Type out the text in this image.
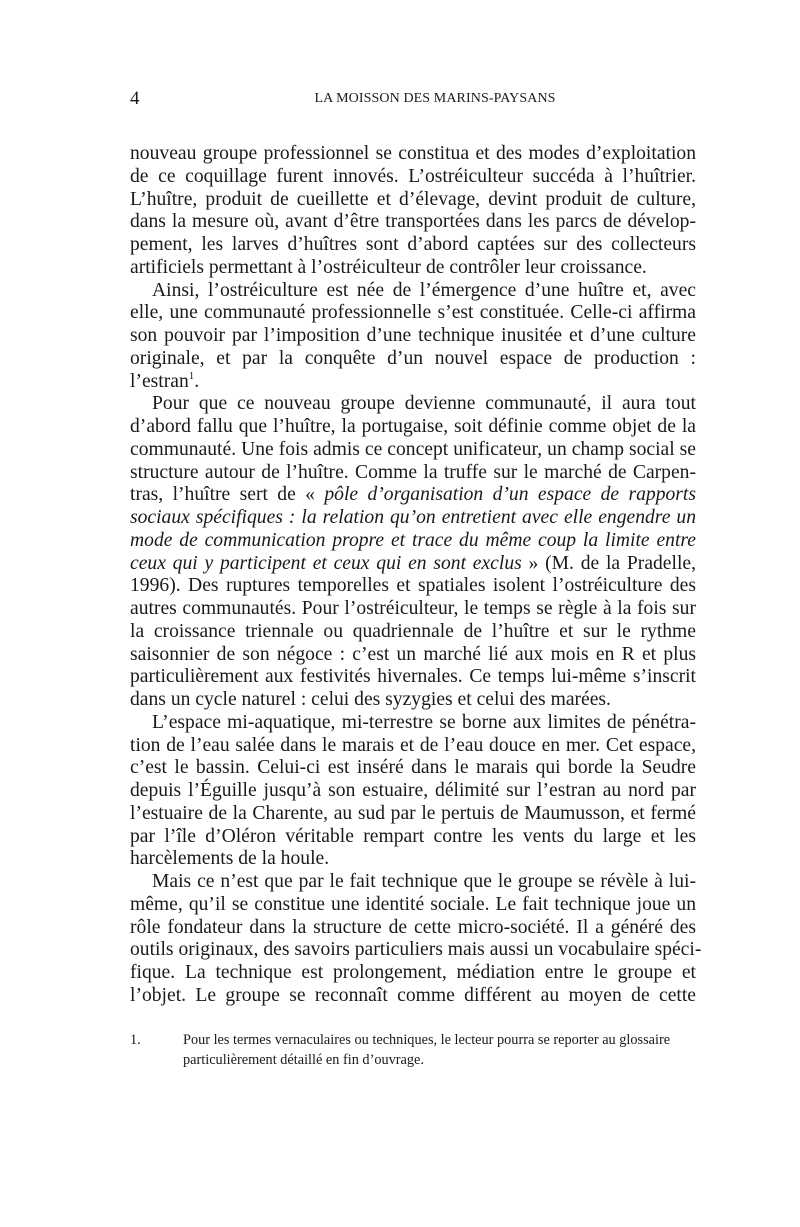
4	LA MOISSON DES MARINS-PAYSANS
nouveau groupe professionnel se constitua et des modes d’exploitation
de ce coquillage furent innovés. L’ostréiculteur succéda à l’huîtrier.
L’huître, produit de cueillette et d’élevage, devint produit de culture,
dans la mesure où, avant d’être transportées dans les parcs de dévelop-
pement, les larves d’huîtres sont d’abord captées sur des collecteurs
artificiels permettant à l’ostréiculteur de contrôler leur croissance.
Ainsi, l’ostréiculture est née de l’émergence d’une huître et, avec
elle, une communauté professionnelle s’est constituée. Celle-ci affirma
son pouvoir par l’imposition d’une technique inusitée et d’une culture
originale, et par la conquête d’un nouvel espace de production :
l’estran$^1$.
Pour que ce nouveau groupe devienne communauté, il aura tout
d’abord fallu que l’huître, la portugaise, soit définie comme objet de la
communauté. Une fois admis ce concept unificateur, un champ social se
structure autour de l’huître. Comme la truffe sur le marché de Carpen-
tras, l’huître sert de « pôle d’organisation d’un espace de rapports
sociaux spécifiques : la relation qu’on entretient avec elle engendre un
mode de communication propre et trace du même coup la limite entre
ceux qui y participent et ceux qui en sont exclus » (M. de la Pradelle,
1996). Des ruptures temporelles et spatiales isolent l’ostréiculture des
autres communautés. Pour l’ostréiculteur, le temps se règle à la fois sur
la croissance triennale ou quadriennale de l’huître et sur le rythme
saisonnier de son négoce : c’est un marché lié aux mois en R et plus
particulièrement aux festivités hivernales. Ce temps lui-même s’inscrit
dans un cycle naturel : celui des syzygies et celui des marées.
L’espace mi-aquatique, mi-terrestre se borne aux limites de pénétra-
tion de l’eau salée dans le marais et de l’eau douce en mer. Cet espace,
c’est le bassin. Celui-ci est inséré dans le marais qui borde la Seudre
depuis l’Éguille jusqu’à son estuaire, délimité sur l’estran au nord par
l’estuaire de la Charente, au sud par le pertuis de Maumusson, et fermé
par l’île d’Oléron véritable rempart contre les vents du large et les
harcèlements de la houle.
Mais ce n’est que par le fait technique que le groupe se révèle à lui-
même, qu’il se constitue une identité sociale. Le fait technique joue un
rôle fondateur dans la structure de cette micro-société. Il a généré des
outils originaux, des savoirs particuliers mais aussi un vocabulaire spéci-
fique. La technique est prolongement, médiation entre le groupe et
l’objet. Le groupe se reconnaît comme différent au moyen de cette
1.	Pour les termes vernaculaires ou techniques, le lecteur pourra se reporter au glossaire
particulièrement détaillé en fin d’ouvrage.
